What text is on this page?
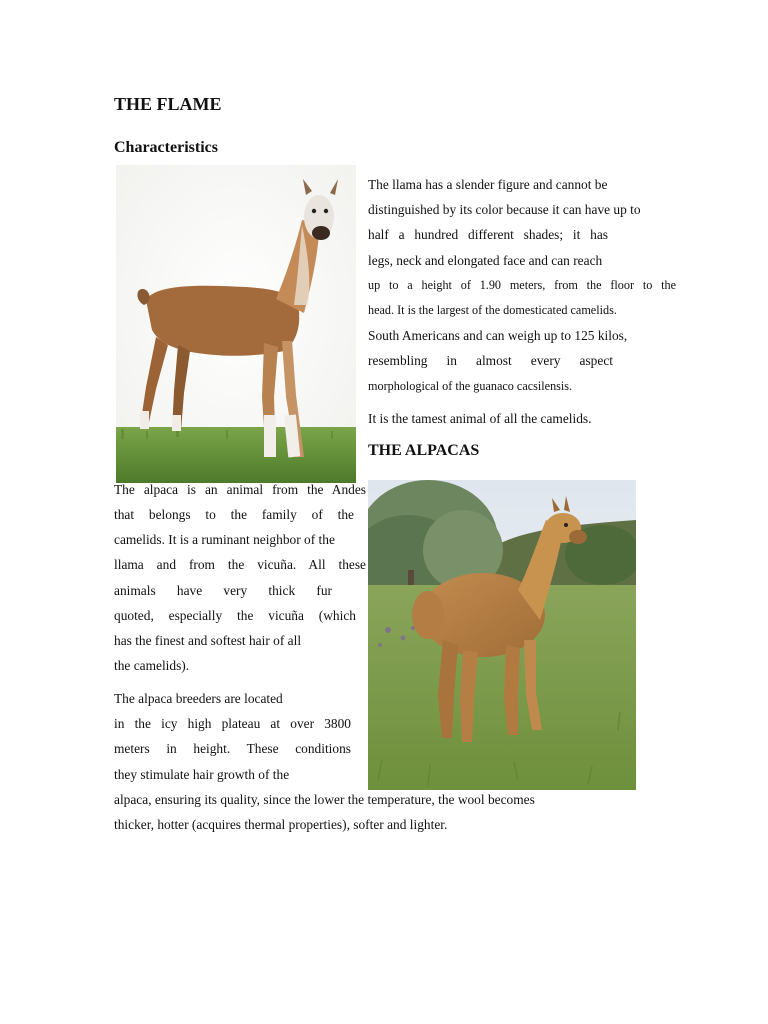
THE FLAME
Characteristics
The llama has a slender figure and cannot be
distinguished by its color because it can have up to
half a hundred different shades; it has
legs, neck and elongated face and can reach
up to a height of 1.90 meters, from the floor to the
head. It is the largest of the domesticated camelids.
South Americans and can weigh up to 125 kilos,
resembling in almost every aspect
morphological of the guanaco cacsilensis.
It is the tamest animal of all the camelids.
THE ALPACAS
The alpaca is an animal from the Andes
that belongs to the family of the
camelids. It is a ruminant neighbor of the
llama and from the vicuña. All these
animals have very thick fur
quoted, especially the vicuña (which
has the finest and softest hair of all
the camelids).
The alpaca breeders are located
in the icy high plateau at over 3800
meters in height. These conditions
they stimulate hair growth of the
alpaca, ensuring its quality, since the lower the temperature, the wool becomes
thicker, hotter (acquires thermal properties), softer and lighter.
